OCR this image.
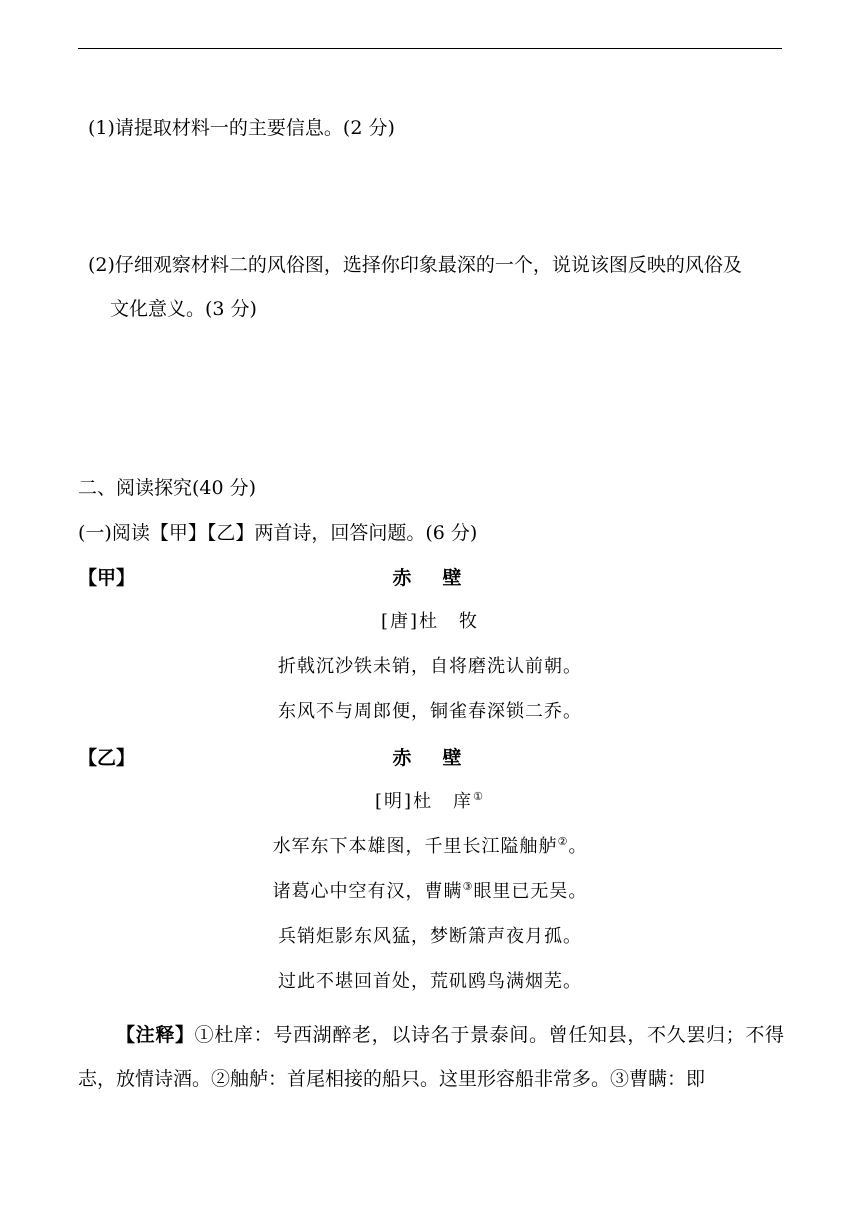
(1)请提取材料一的主要信息。(2 分)
(2)仔细观察材料二的风俗图，选择你印象最深的一个，说说该图反映的风俗及
文化意义。(3 分)
二、阅读探究(40 分)
(一)阅读【甲】【乙】两首诗，回答问题。(6 分)
【甲】	赤　壁
[唐]杜　牧
折戟沉沙铁未销，自将磨洗认前朝。
东风不与周郎便，铜雀春深锁二乔。
【乙】	赤　壁
[明]杜　庠①
水军东下本雄图，千里长江隘舳舻②。
诸葛心中空有汉，曹瞒③眼里已无吴。
兵销炬影东风猛，梦断箫声夜月孤。
过此不堪回首处，荒矶鸥鸟满烟芜。
【注释】①杜庠：号西湖醉老，以诗名于景泰间。曾任知县，不久罢归；不得志，放情诗酒。②舳舻：首尾相接的船只。这里形容船非常多。③曹瞒：即
